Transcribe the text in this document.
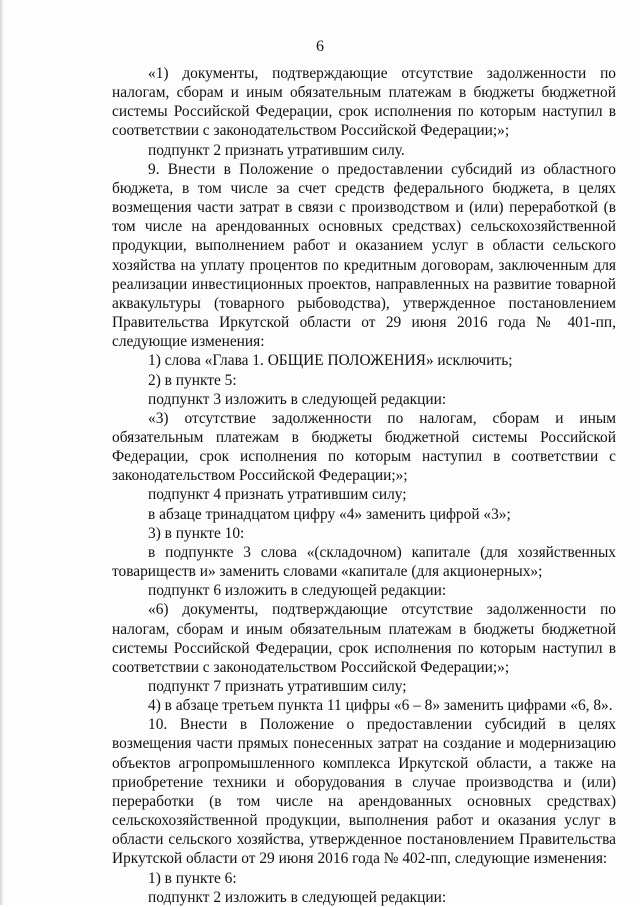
6

«1) документы, подтверждающие отсутствие задолженности по налогам, сборам и иным обязательным платежам в бюджеты бюджетной системы Российской Федерации, срок исполнения по которым наступил в соответствии с законодательством Российской Федерации;»;

подпункт 2 признать утратившим силу.

9. Внести в Положение о предоставлении субсидий из областного бюджета, в том числе за счет средств федерального бюджета, в целях возмещения части затрат в связи с производством и (или) переработкой (в том числе на арендованных основных средствах) сельскохозяйственной продукции, выполнением работ и оказанием услуг в области сельского хозяйства на уплату процентов по кредитным договорам, заключенным для реализации инвестиционных проектов, направленных на развитие товарной аквакультуры (товарного рыбоводства), утвержденное постановлением Правительства Иркутской области от 29 июня 2016 года № 401-пп, следующие изменения:

1) слова «Глава 1. ОБЩИЕ ПОЛОЖЕНИЯ» исключить;

2) в пункте 5:

подпункт 3 изложить в следующей редакции:

«3) отсутствие задолженности по налогам, сборам и иным обязательным платежам в бюджеты бюджетной системы Российской Федерации, срок исполнения по которым наступил в соответствии с законодательством Российской Федерации;»;

подпункт 4 признать утратившим силу;

в абзаце тринадцатом цифру «4» заменить цифрой «3»;

3) в пункте 10:

в подпункте 3 слова «(складочном) капитале (для хозяйственных товариществ и» заменить словами «капитале (для акционерных»;

подпункт 6 изложить в следующей редакции:

«6) документы, подтверждающие отсутствие задолженности по налогам, сборам и иным обязательным платежам в бюджеты бюджетной системы Российской Федерации, срок исполнения по которым наступил в соответствии с законодательством Российской Федерации;»;

подпункт 7 признать утратившим силу;

4) в абзаце третьем пункта 11 цифры «6 – 8» заменить цифрами «6, 8».

10. Внести в Положение о предоставлении субсидий в целях возмещения части прямых понесенных затрат на создание и модернизацию объектов агропромышленного комплекса Иркутской области, а также на приобретение техники и оборудования в случае производства и (или) переработки (в том числе на арендованных основных средствах) сельскохозяйственной продукции, выполнения работ и оказания услуг в области сельского хозяйства, утвержденное постановлением Правительства Иркутской области от 29 июня 2016 года № 402-пп, следующие изменения:

1) в пункте 6:

подпункт 2 изложить в следующей редакции:
